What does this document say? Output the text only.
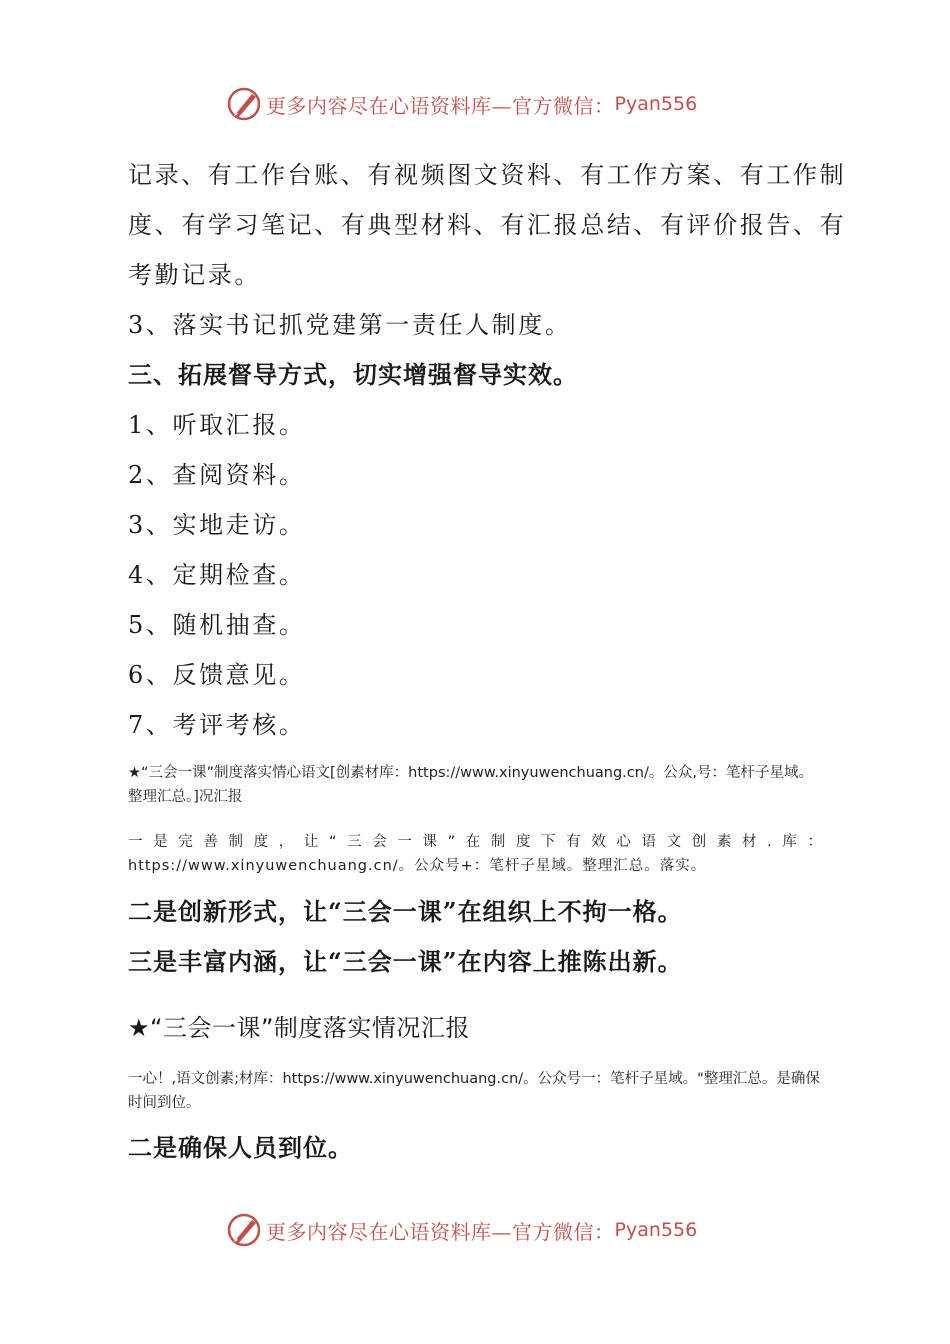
更多内容尽在心语资料库—官方微信： Pyan556
记录、有工作台账、有视频图文资料、有工作方案、有工作制
度、有学习笔记、有典型材料、有汇报总结、有评价报告、有
考勤记录。
3、落实书记抓党建第一责任人制度。
三、拓展督导方式，切实增强督导实效。
1、听取汇报。
2、查阅资料。
3、实地走访。
4、定期检查。
5、随机抽查。
6、反馈意见。
7、考评考核。
★“三会一课”制度落实情心语文[创素材库：https://www.xinyuwenchuang.cn/。公众,号：笔杆子星域。整理汇总。]况汇报
一是完善制度，让“三会一课”在制度下有效心语文创素材.库：https://www.xinyuwenchuang.cn/。公众号+：笔杆子星域。整理汇总。落实。
二是创新形式，让“三会一课”在组织上不拘一格。
三是丰富内涵，让“三会一课”在内容上推陈出新。
★“三会一课”制度落实情况汇报
一心！,语文创素;材库：https://www.xinyuwenchuang.cn/。公众号一：笔杆子星域。"整理汇总。是确保时间到位。
二是确保人员到位。
更多内容尽在心语资料库—官方微信： Pyan556
